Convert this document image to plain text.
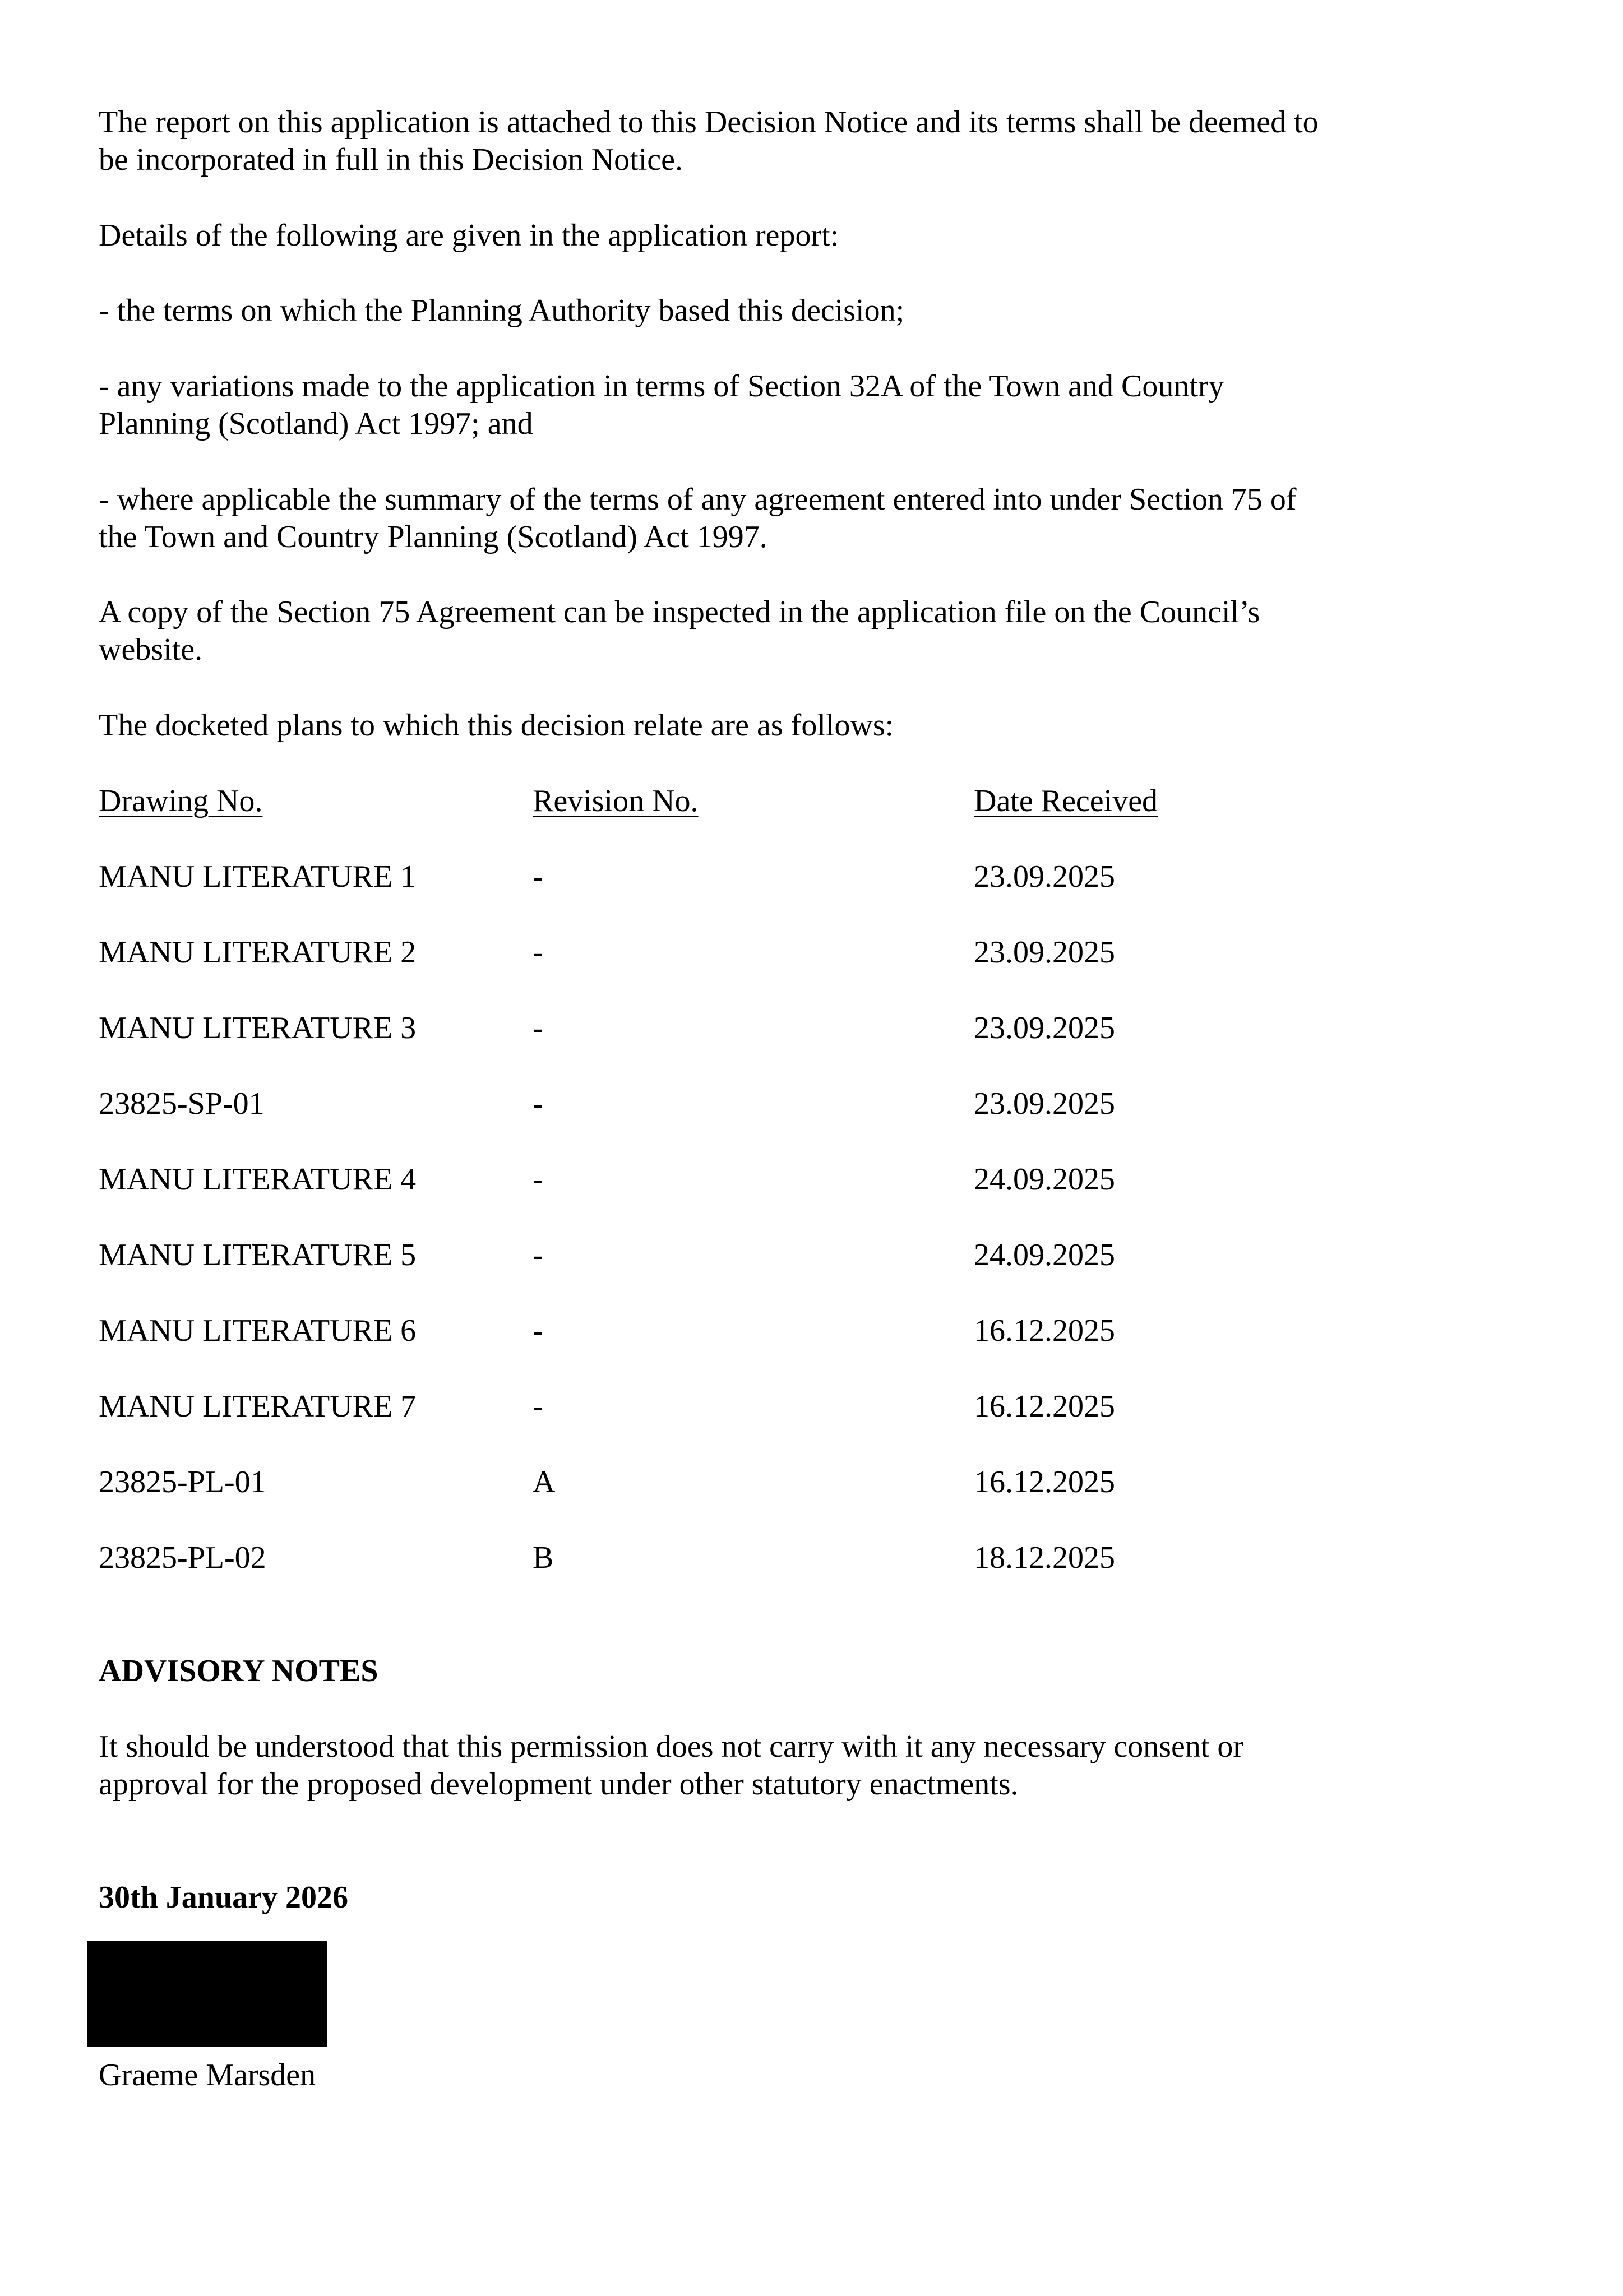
The report on this application is attached to this Decision Notice and its terms shall be deemed to

be incorporated in full in this Decision Notice.

Details of the following are given in the application report:

- the terms on which the Planning Authority based this decision;

- any variations made to the application in terms of Section 32A of the Town and Country

Planning (Scotland) Act 1997; and

- where applicable the summary of the terms of any agreement entered into under Section 75 of

the Town and Country Planning (Scotland) Act 1997.

A copy of the Section 75 Agreement can be inspected in the application file on the Council’s

website.

The docketed plans to which this decision relate are as follows:

Drawing No.	Revision No.	Date Received
MANU LITERATURE 1	-	23.09.2025
MANU LITERATURE 2	-	23.09.2025
MANU LITERATURE 3	-	23.09.2025
23825-SP-01	-	23.09.2025
MANU LITERATURE 4	-	24.09.2025
MANU LITERATURE 5	-	24.09.2025
MANU LITERATURE 6	-	16.12.2025
MANU LITERATURE 7	-	16.12.2025
23825-PL-01	A	16.12.2025
23825-PL-02	B	18.12.2025

ADVISORY NOTES

It should be understood that this permission does not carry with it any necessary consent or

approval for the proposed development under other statutory enactments.

30th January 2026

Graeme Marsden
